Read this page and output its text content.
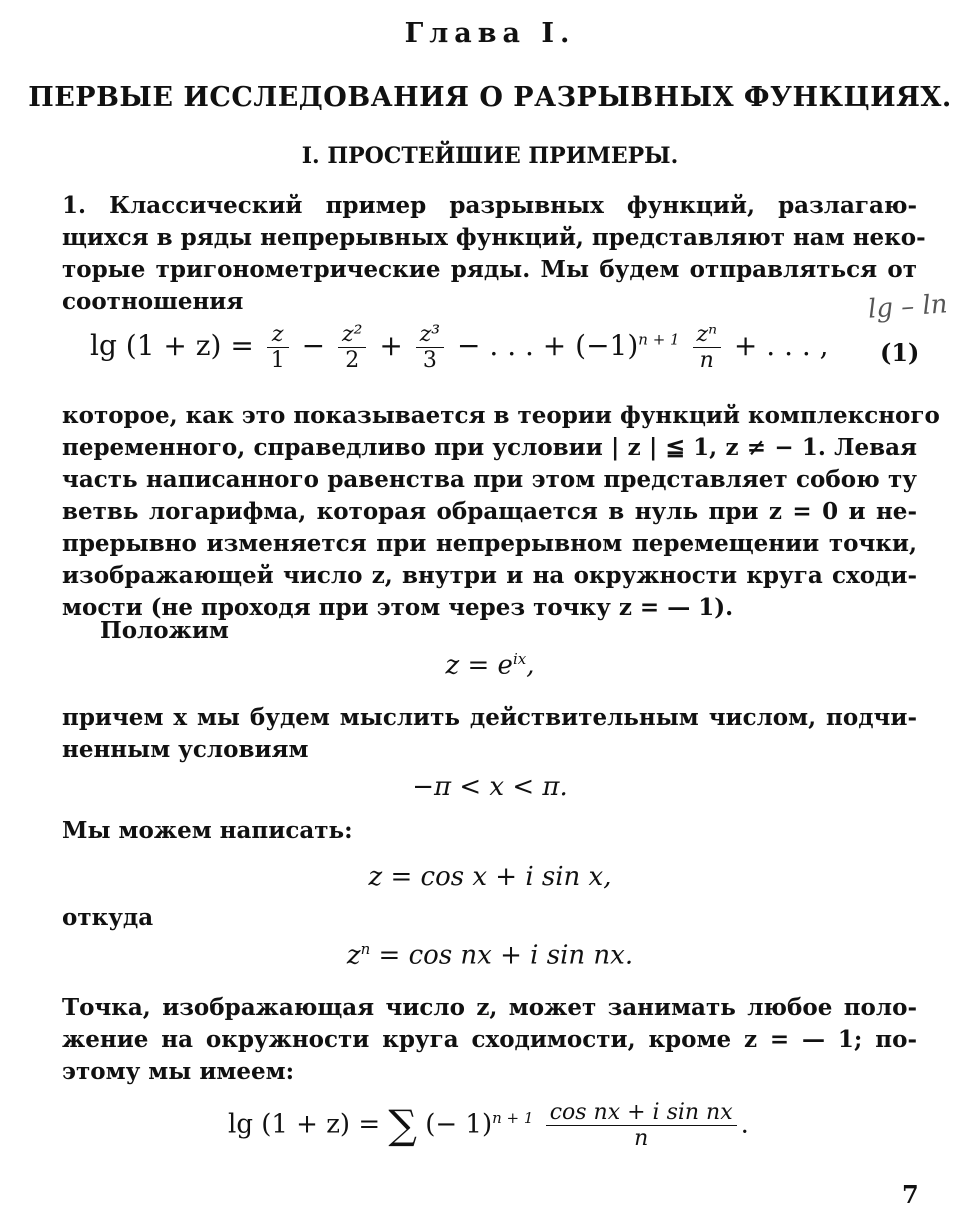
Глава I.
ПЕРВЫЕ ИССЛЕДОВАНИЯ О РАЗРЫВНЫХ ФУНКЦИЯХ.
I. ПРОСТЕЙШИЕ ПРИМЕРЫ.
1. Классический пример разрывных функций, разлагаю-
щихся в ряды непрерывных функций, представляют нам неко-
торые тригонометрические ряды. Мы будем отправляться от
соотношения	lg – ln
$\lg (1 + z) = \frac{z}{1} - \frac{\text{z²}}{2} + \frac{\text{z³}}{3}$ − . . . + $(-1)^{n + 1} \frac{\text{zⁿ}}{n}$ + . . . ,	(1)
которое, как это показывается в теории функций комплексного
переменного, справедливо при условии | z | ≦ 1, z ≠ − 1. Левая
часть написанного равенства при этом представляет собою ту
ветвь логарифма, которая обращается в нуль при z = 0 и не-
прерывно изменяется при непрерывном перемещении точки,
изображающей число z, внутри и на окружности круга сходи-
мости (не проходя при этом через точку z = — 1).
Положим
$z = e^{ix}$,
причем x мы будем мыслить действительным числом, подчи-
ненным условиям
−π < x < π.
Мы можем написать:
z = cos x + i sin x,
откуда
$z^n = \cos$ nx + i sin nx.
Точка, изображающая число z, может занимать любое поло-
жение на окружности круга сходимости, кроме z = — 1; по-
этому мы имеем:
lg (1 + z) = ∑ (− $1)^{n + 1} \frac{\text{cos nx + i sin nx}}{n}$ .
7
